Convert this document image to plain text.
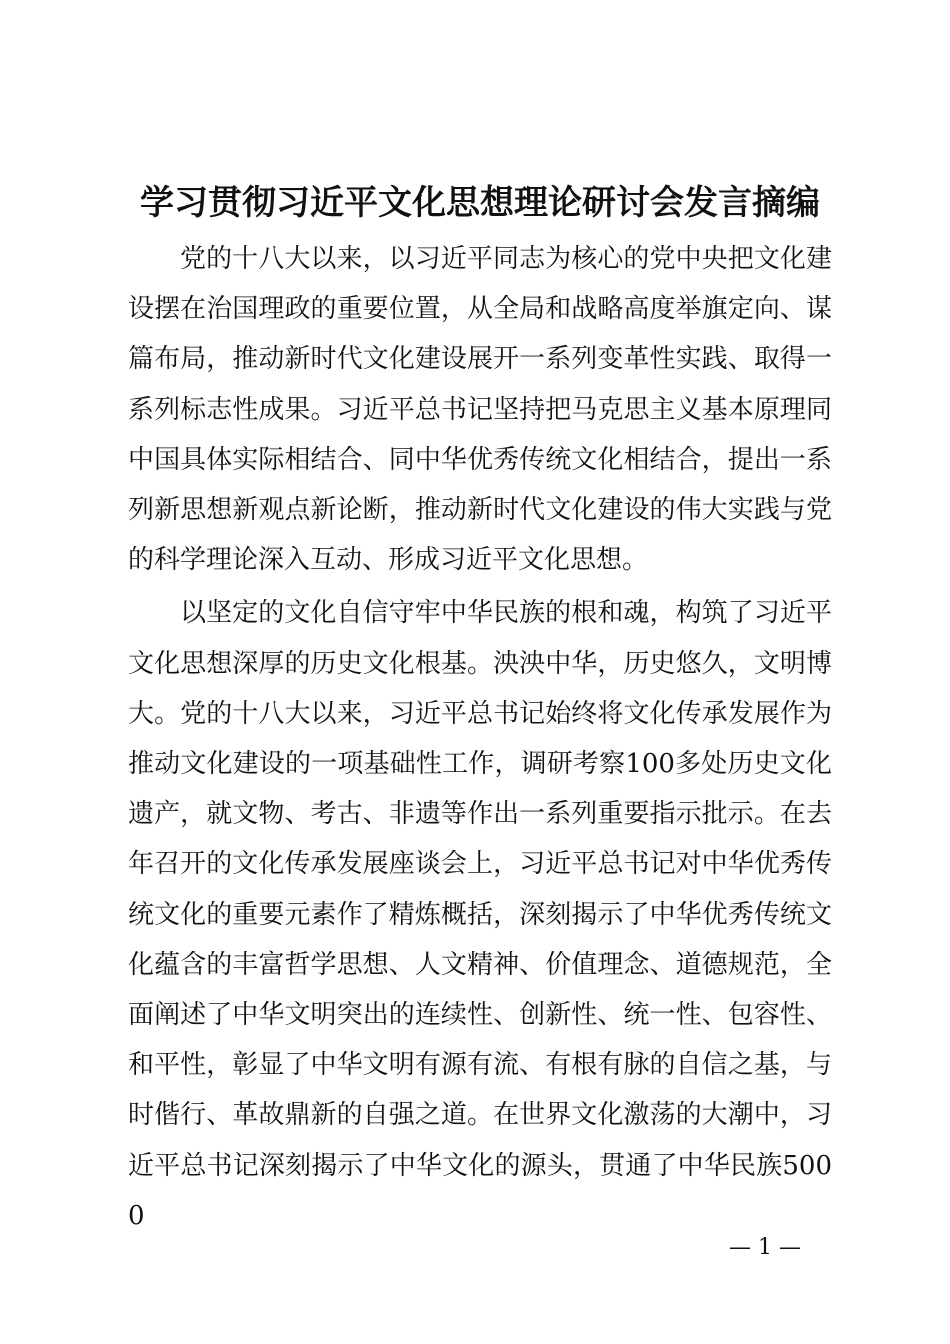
学习贯彻习近平文化思想理论研讨会发言摘编

党的十八大以来，以习近平同志为核心的党中央把文化建设摆在治国理政的重要位置，从全局和战略高度举旗定向、谋篇布局，推动新时代文化建设展开一系列变革性实践、取得一系列标志性成果。习近平总书记坚持把马克思主义基本原理同中国具体实际相结合、同中华优秀传统文化相结合，提出一系列新思想新观点新论断，推动新时代文化建设的伟大实践与党的科学理论深入互动、形成习近平文化思想。

以坚定的文化自信守牢中华民族的根和魂，构筑了习近平文化思想深厚的历史文化根基。泱泱中华，历史悠久，文明博大。党的十八大以来，习近平总书记始终将文化传承发展作为推动文化建设的一项基础性工作，调研考察100多处历史文化遗产，就文物、考古、非遗等作出一系列重要指示批示。在去年召开的文化传承发展座谈会上，习近平总书记对中华优秀传统文化的重要元素作了精炼概括，深刻揭示了中华优秀传统文化蕴含的丰富哲学思想、人文精神、价值理念、道德规范，全面阐述了中华文明突出的连续性、创新性、统一性、包容性、和平性，彰显了中华文明有源有流、有根有脉的自信之基，与时偕行、革故鼎新的自强之道。在世界文化激荡的大潮中，习近平总书记深刻揭示了中华文化的源头，贯通了中华民族5000

— 1 —
